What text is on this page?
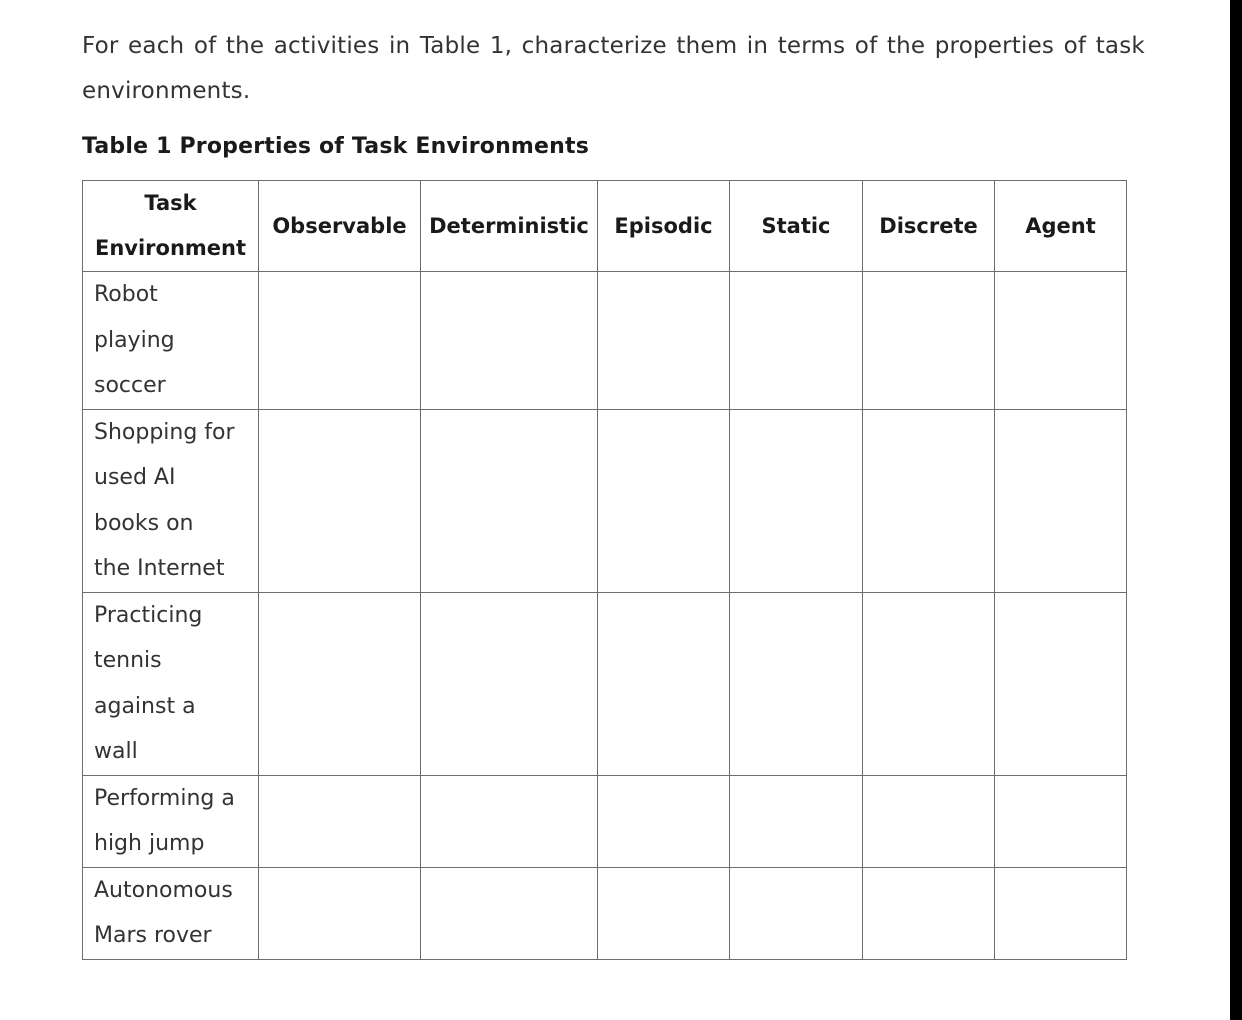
For each of the activities in Table 1, characterize them in terms of the properties of task
environments.
Table 1 Properties of Task Environments
Task
Environment	Observable	Deterministic	Episodic	Static	Discrete	Agent

Robot
playing
soccer						

Shopping for
used AI
books on
the Internet						

Practicing
tennis
against a
wall						

Performing a
high jump						

Autonomous
Mars rover						
